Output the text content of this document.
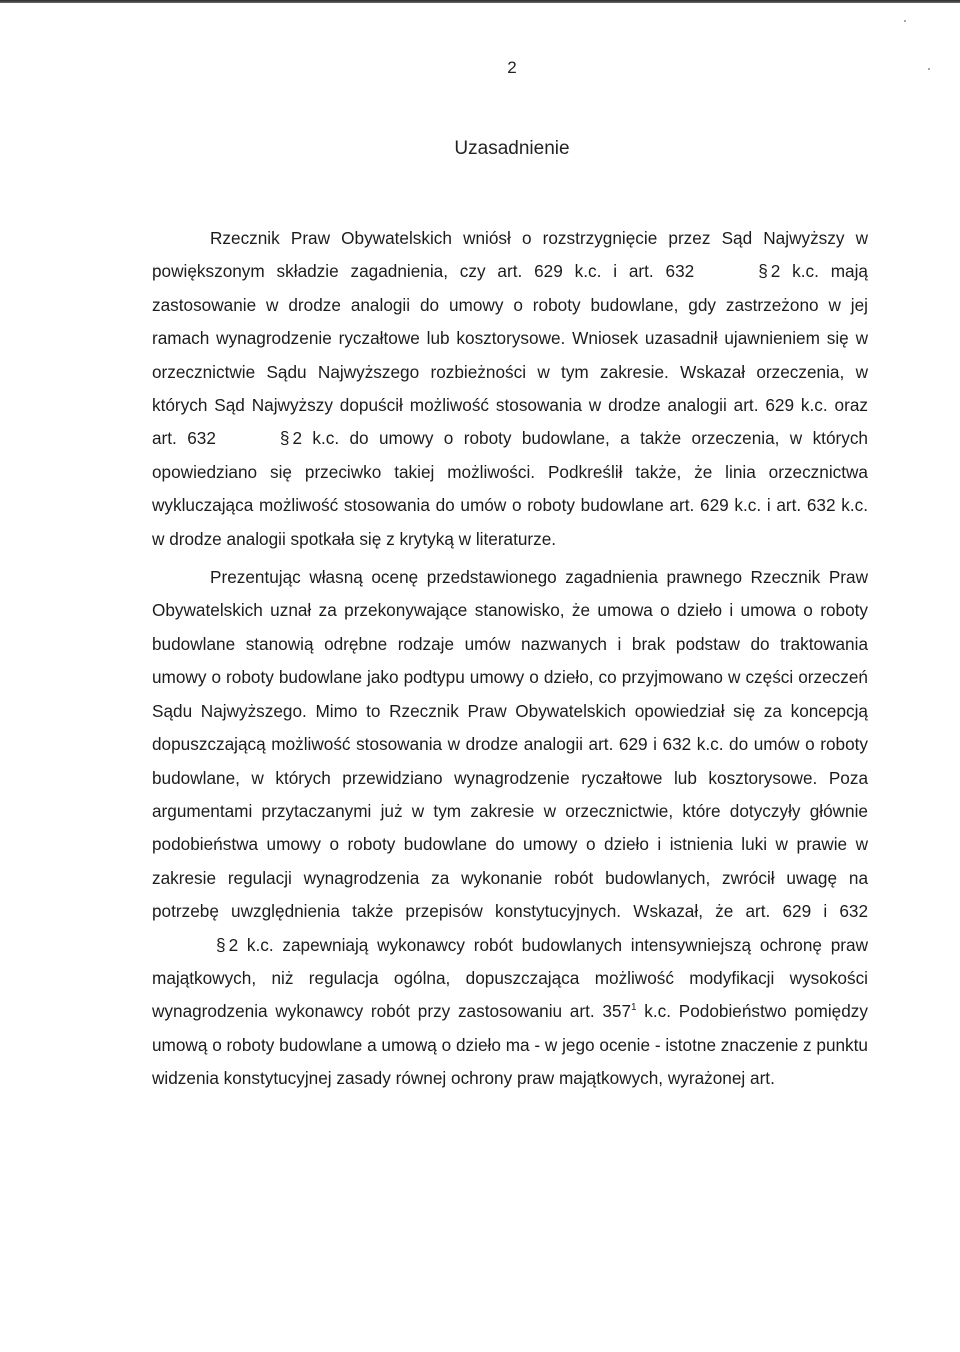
2
Uzasadnienie

Rzecznik Praw Obywatelskich wniósł o rozstrzygnięcie przez Sąd Najwyższy w powiększonym składzie zagadnienia, czy art. 629 k.c. i art. 632	§ 2 k.c. mają zastosowanie w drodze analogii do umowy o roboty budowlane, gdy zastrzeżono w jej ramach wynagrodzenie ryczałtowe lub kosztorysowe. Wniosek uzasadnił ujawnieniem się w orzecznictwie Sądu Najwyższego rozbieżności w tym zakresie. Wskazał orzeczenia, w których Sąd Najwyższy dopuścił możliwość stosowania w drodze analogii art. 629 k.c. oraz art. 632	§ 2 k.c. do umowy o roboty budowlane, a także orzeczenia, w których opowiedziano się przeciwko takiej możliwości. Podkreślił także, że linia orzecznictwa wykluczająca możliwość stosowania do umów o roboty budowlane art. 629 k.c. i art. 632 k.c. w drodze analogii spotkała się z krytyką w literaturze.

Prezentując własną ocenę przedstawionego zagadnienia prawnego Rzecznik Praw Obywatelskich uznał za przekonywające stanowisko, że umowa o dzieło i umowa o roboty budowlane stanowią odrębne rodzaje umów nazwanych i brak podstaw do traktowania umowy o roboty budowlane jako podtypu umowy o dzieło, co przyjmowano w części orzeczeń Sądu Najwyższego. Mimo to Rzecznik Praw Obywatelskich opowiedział się za koncepcją dopuszczającą możliwość stosowania w drodze analogii art. 629 i 632 k.c. do umów o roboty budowlane, w których przewidziano wynagrodzenie ryczałtowe lub kosztorysowe. Poza argumentami przytaczanymi już w tym zakresie w orzecznictwie, które dotyczyły głównie podobieństwa umowy o roboty budowlane do umowy o dzieło i istnienia luki w prawie w zakresie regulacji wynagrodzenia za wykonanie robót budowlanych, zwrócił uwagę na potrzebę uwzględnienia także przepisów konstytucyjnych. Wskazał, że art. 629 i 632§ 2 k.c. zapewniają wykonawcy robót budowlanych intensywniejszą ochronę praw majątkowych, niż regulacja ogólna, dopuszczająca możliwość modyfikacji wysokości wynagrodzenia wykonawcy robót przy zastosowaniu art. $357^1$ k.c. Podobieństwo pomiędzy umową o roboty budowlane a umową o dzieło ma - w jego ocenie - istotne znaczenie z punktu widzenia konstytucyjnej zasady równej ochrony praw majątkowych, wyrażonej art.
